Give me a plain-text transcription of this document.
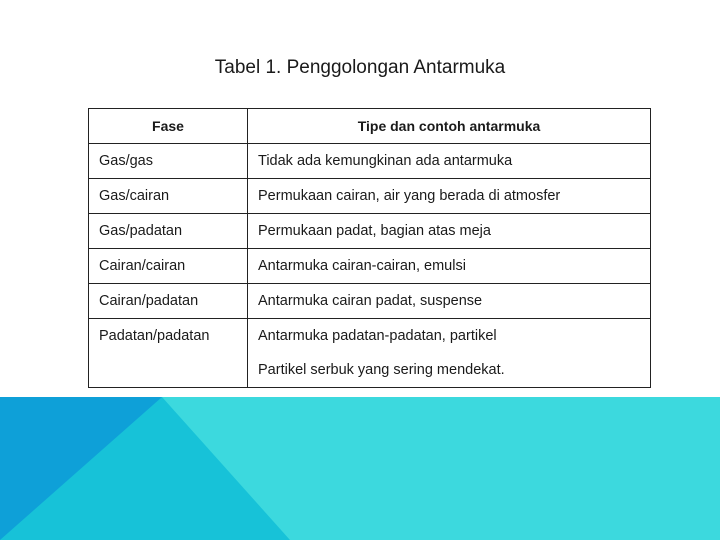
Tabel 1. Penggolongan Antarmuka
Fase	Tipe dan contoh antarmuka
Gas/gas	Tidak ada kemungkinan ada antarmuka
Gas/cairan	Permukaan cairan, air yang berada di atmosfer
Gas/padatan	Permukaan padat, bagian atas meja
Cairan/cairan	Antarmuka cairan-cairan, emulsi
Cairan/padatan	Antarmuka cairan padat, suspense

Padatan/padatan	Antarmuka padatan-padatan, partikel
Partikel serbuk yang sering mendekat.
